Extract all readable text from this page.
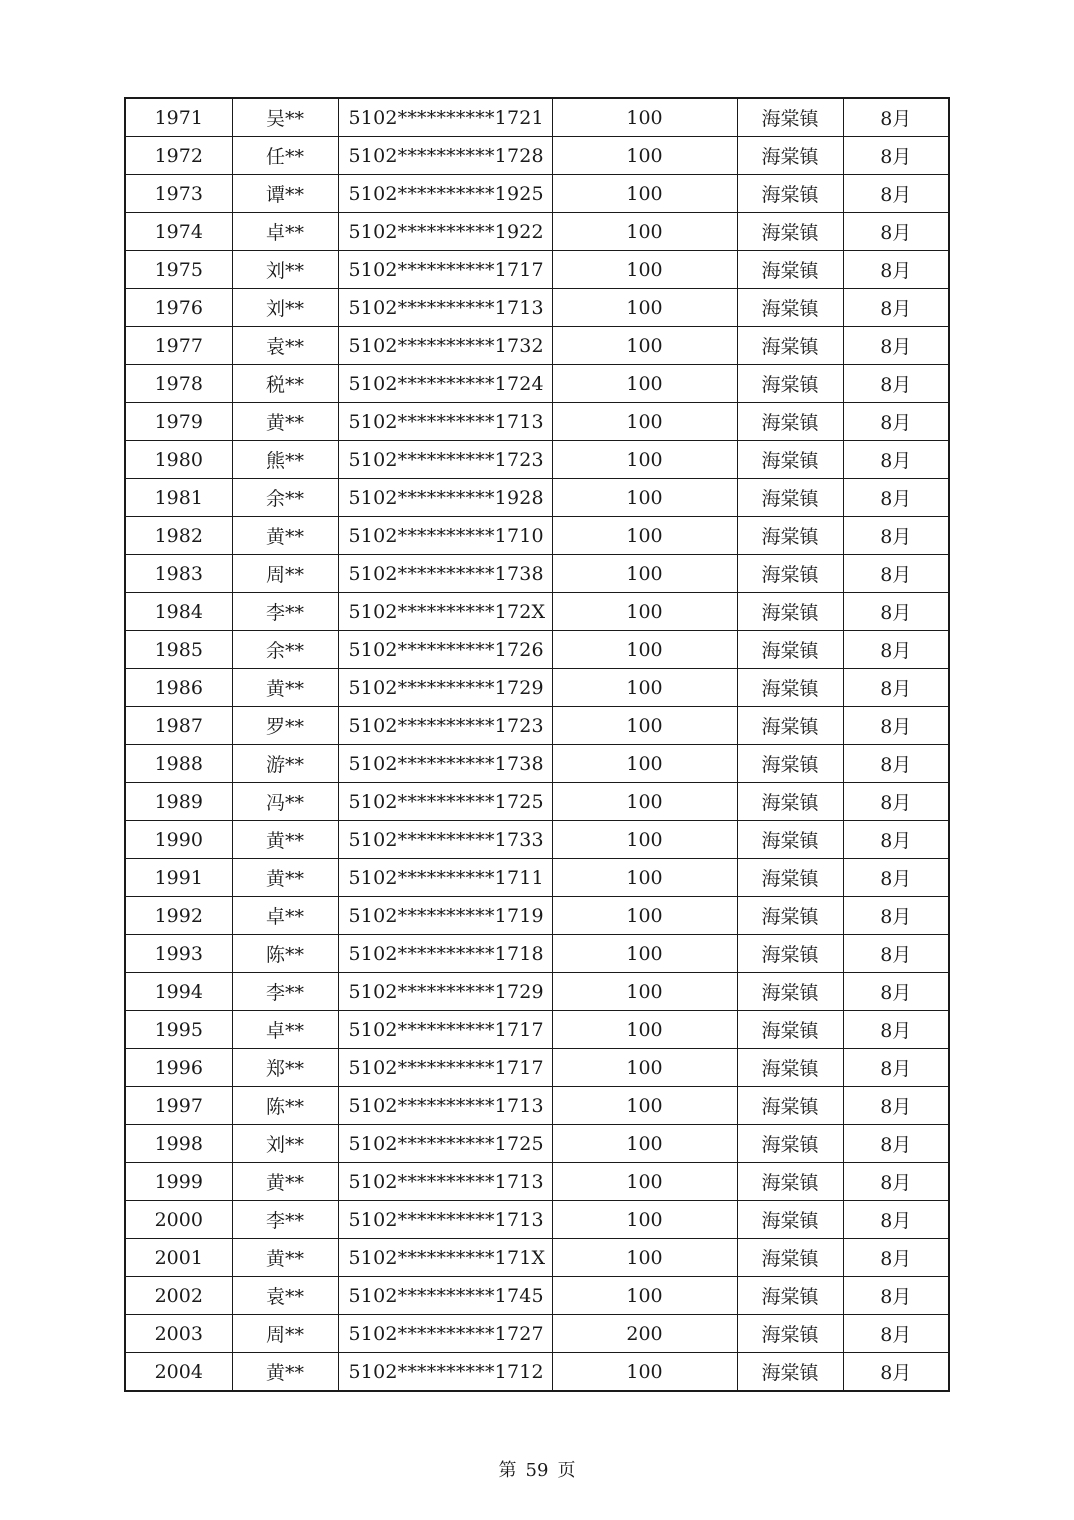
1971	吴**	5102**********1721	100	海棠镇	8月
1972	任**	5102**********1728	100	海棠镇	8月
1973	谭**	5102**********1925	100	海棠镇	8月
1974	卓**	5102**********1922	100	海棠镇	8月
1975	刘**	5102**********1717	100	海棠镇	8月
1976	刘**	5102**********1713	100	海棠镇	8月
1977	袁**	5102**********1732	100	海棠镇	8月
1978	税**	5102**********1724	100	海棠镇	8月
1979	黄**	5102**********1713	100	海棠镇	8月
1980	熊**	5102**********1723	100	海棠镇	8月
1981	余**	5102**********1928	100	海棠镇	8月
1982	黄**	5102**********1710	100	海棠镇	8月
1983	周**	5102**********1738	100	海棠镇	8月
1984	李**	5102**********172X	100	海棠镇	8月
1985	余**	5102**********1726	100	海棠镇	8月
1986	黄**	5102**********1729	100	海棠镇	8月
1987	罗**	5102**********1723	100	海棠镇	8月
1988	游**	5102**********1738	100	海棠镇	8月
1989	冯**	5102**********1725	100	海棠镇	8月
1990	黄**	5102**********1733	100	海棠镇	8月
1991	黄**	5102**********1711	100	海棠镇	8月
1992	卓**	5102**********1719	100	海棠镇	8月
1993	陈**	5102**********1718	100	海棠镇	8月
1994	李**	5102**********1729	100	海棠镇	8月
1995	卓**	5102**********1717	100	海棠镇	8月
1996	郑**	5102**********1717	100	海棠镇	8月
1997	陈**	5102**********1713	100	海棠镇	8月
1998	刘**	5102**********1725	100	海棠镇	8月
1999	黄**	5102**********1713	100	海棠镇	8月
2000	李**	5102**********1713	100	海棠镇	8月
2001	黄**	5102**********171X	100	海棠镇	8月
2002	袁**	5102**********1745	100	海棠镇	8月
2003	周**	5102**********1727	200	海棠镇	8月
2004	黄**	5102**********1712	100	海棠镇	8月
第 59 页
